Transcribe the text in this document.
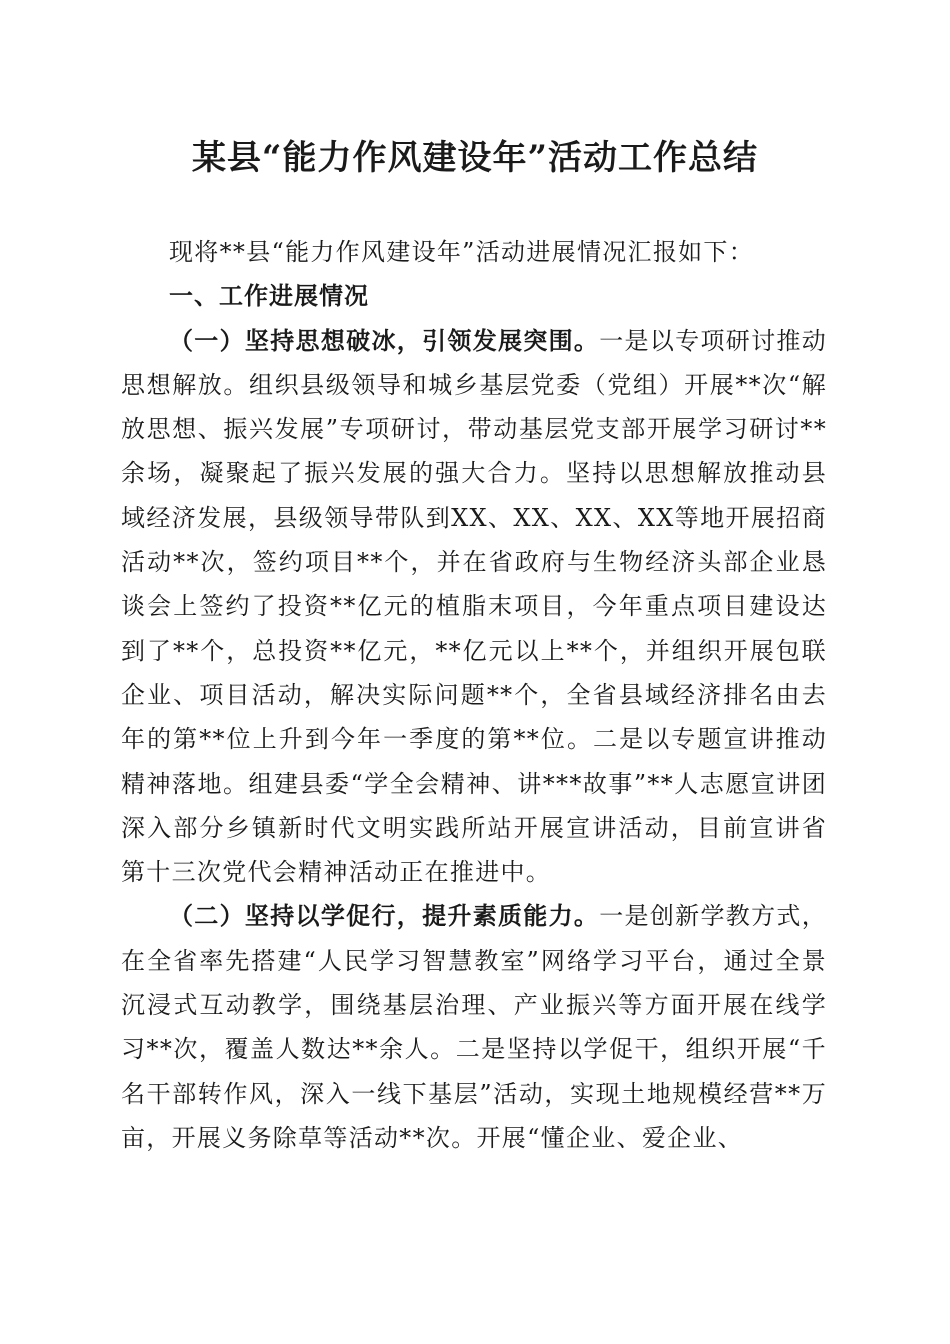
某县“能力作风建设年”活动工作总结

现将**县“能力作风建设年”活动进展情况汇报如下：

一、工作进展情况

（一）坚持思想破冰，引领发展突围。一是以专项研讨推动思想解放。组织县级领导和城乡基层党委（党组）开展**次“解放思想、振兴发展”专项研讨，带动基层党支部开展学习研讨**余场，凝聚起了振兴发展的强大合力。坚持以思想解放推动县域经济发展，县级领导带队到XX、XX、XX、XX等地开展招商活动**次，签约项目**个，并在省政府与生物经济头部企业恳谈会上签约了投资**亿元的植脂末项目，今年重点项目建设达到了**个，总投资**亿元，**亿元以上**个，并组织开展包联企业、项目活动，解决实际问题**个，全省县域经济排名由去年的第**位上升到今年一季度的第**位。二是以专题宣讲推动精神落地。组建县委“学全会精神、讲***故事”**人志愿宣讲团深入部分乡镇新时代文明实践所站开展宣讲活动，目前宣讲省第十三次党代会精神活动正在推进中。

（二）坚持以学促行，提升素质能力。一是创新学教方式，在全省率先搭建“人民学习智慧教室”网络学习平台，通过全景沉浸式互动教学，围绕基层治理、产业振兴等方面开展在线学习**次，覆盖人数达**余人。二是坚持以学促干，组织开展“千名干部转作风，深入一线下基层”活动，实现土地规模经营**万亩，开展义务除草等活动**次。开展“懂企业、爱企业、
